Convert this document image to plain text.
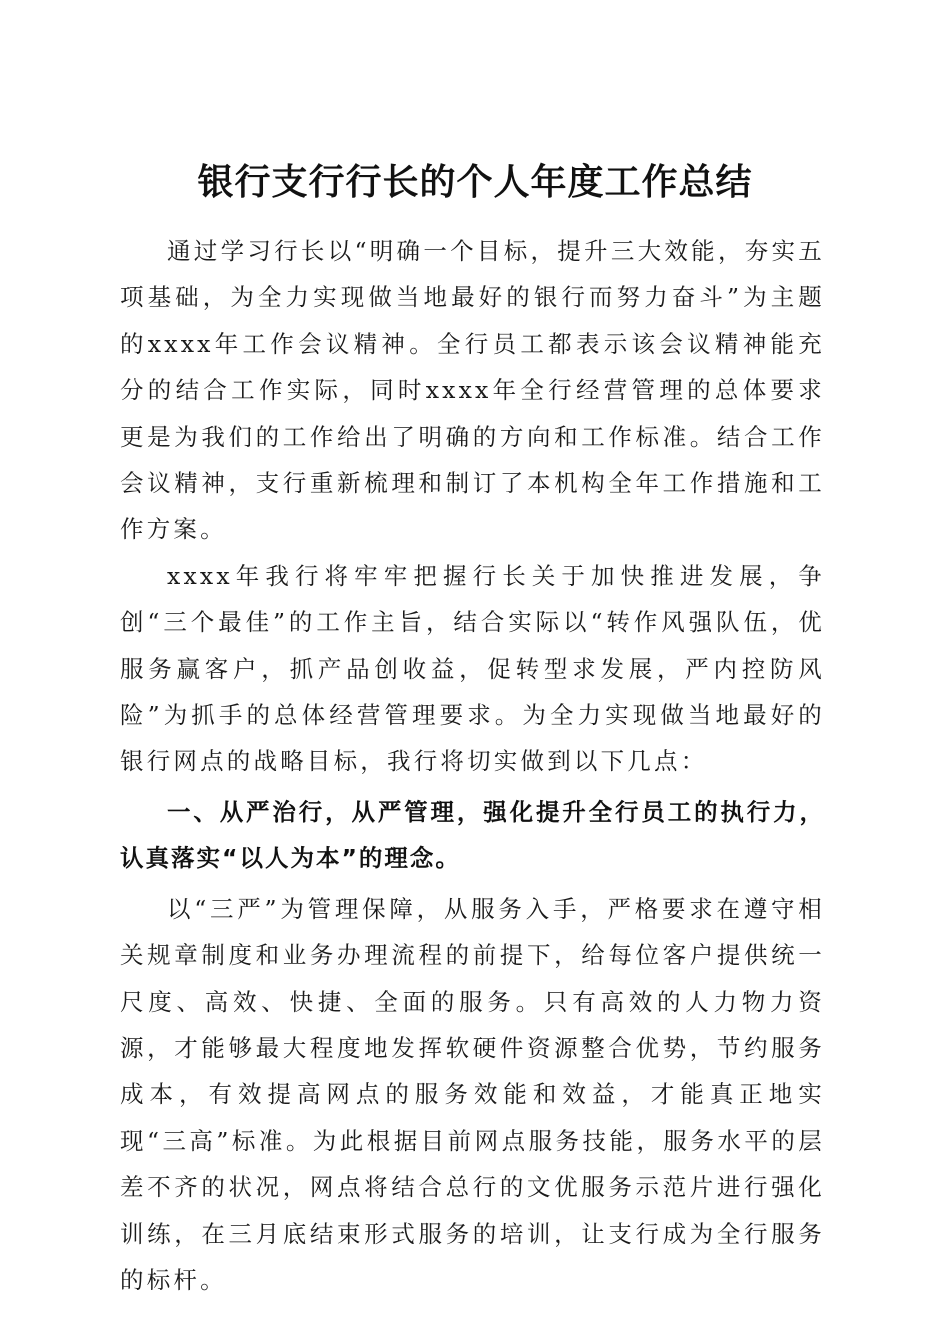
银行支行行长的个人年度工作总结

通过学习行长以“明确一个目标，提升三大效能，夯实五项基础，为全力实现做当地最好的银行而努力奋斗”为主题的xxxx年工作会议精神。全行员工都表示该会议精神能充分的结合工作实际，同时xxxx年全行经营管理的总体要求更是为我们的工作给出了明确的方向和工作标准。结合工作会议精神，支行重新梳理和制订了本机构全年工作措施和工作方案。

xxxx年我行将牢牢把握行长关于加快推进发展，争创“三个最佳”的工作主旨，结合实际以“转作风强队伍，优服务赢客户，抓产品创收益，促转型求发展，严内控防风险”为抓手的总体经营管理要求。为全力实现做当地最好的银行网点的战略目标，我行将切实做到以下几点：

一、从严治行，从严管理，强化提升全行员工的执行力，认真落实“以人为本”的理念。

以“三严”为管理保障，从服务入手，严格要求在遵守相关规章制度和业务办理流程的前提下，给每位客户提供统一尺度、高效、快捷、全面的服务。只有高效的人力物力资源，才能够最大程度地发挥软硬件资源整合优势，节约服务成本，有效提高网点的服务效能和效益，才能真正地实现“三高”标准。为此根据目前网点服务技能，服务水平的层差不齐的状况，网点将结合总行的文优服务示范片进行强化训练，在三月底结束形式服务的培训，让支行成为全行服务的标杆。
